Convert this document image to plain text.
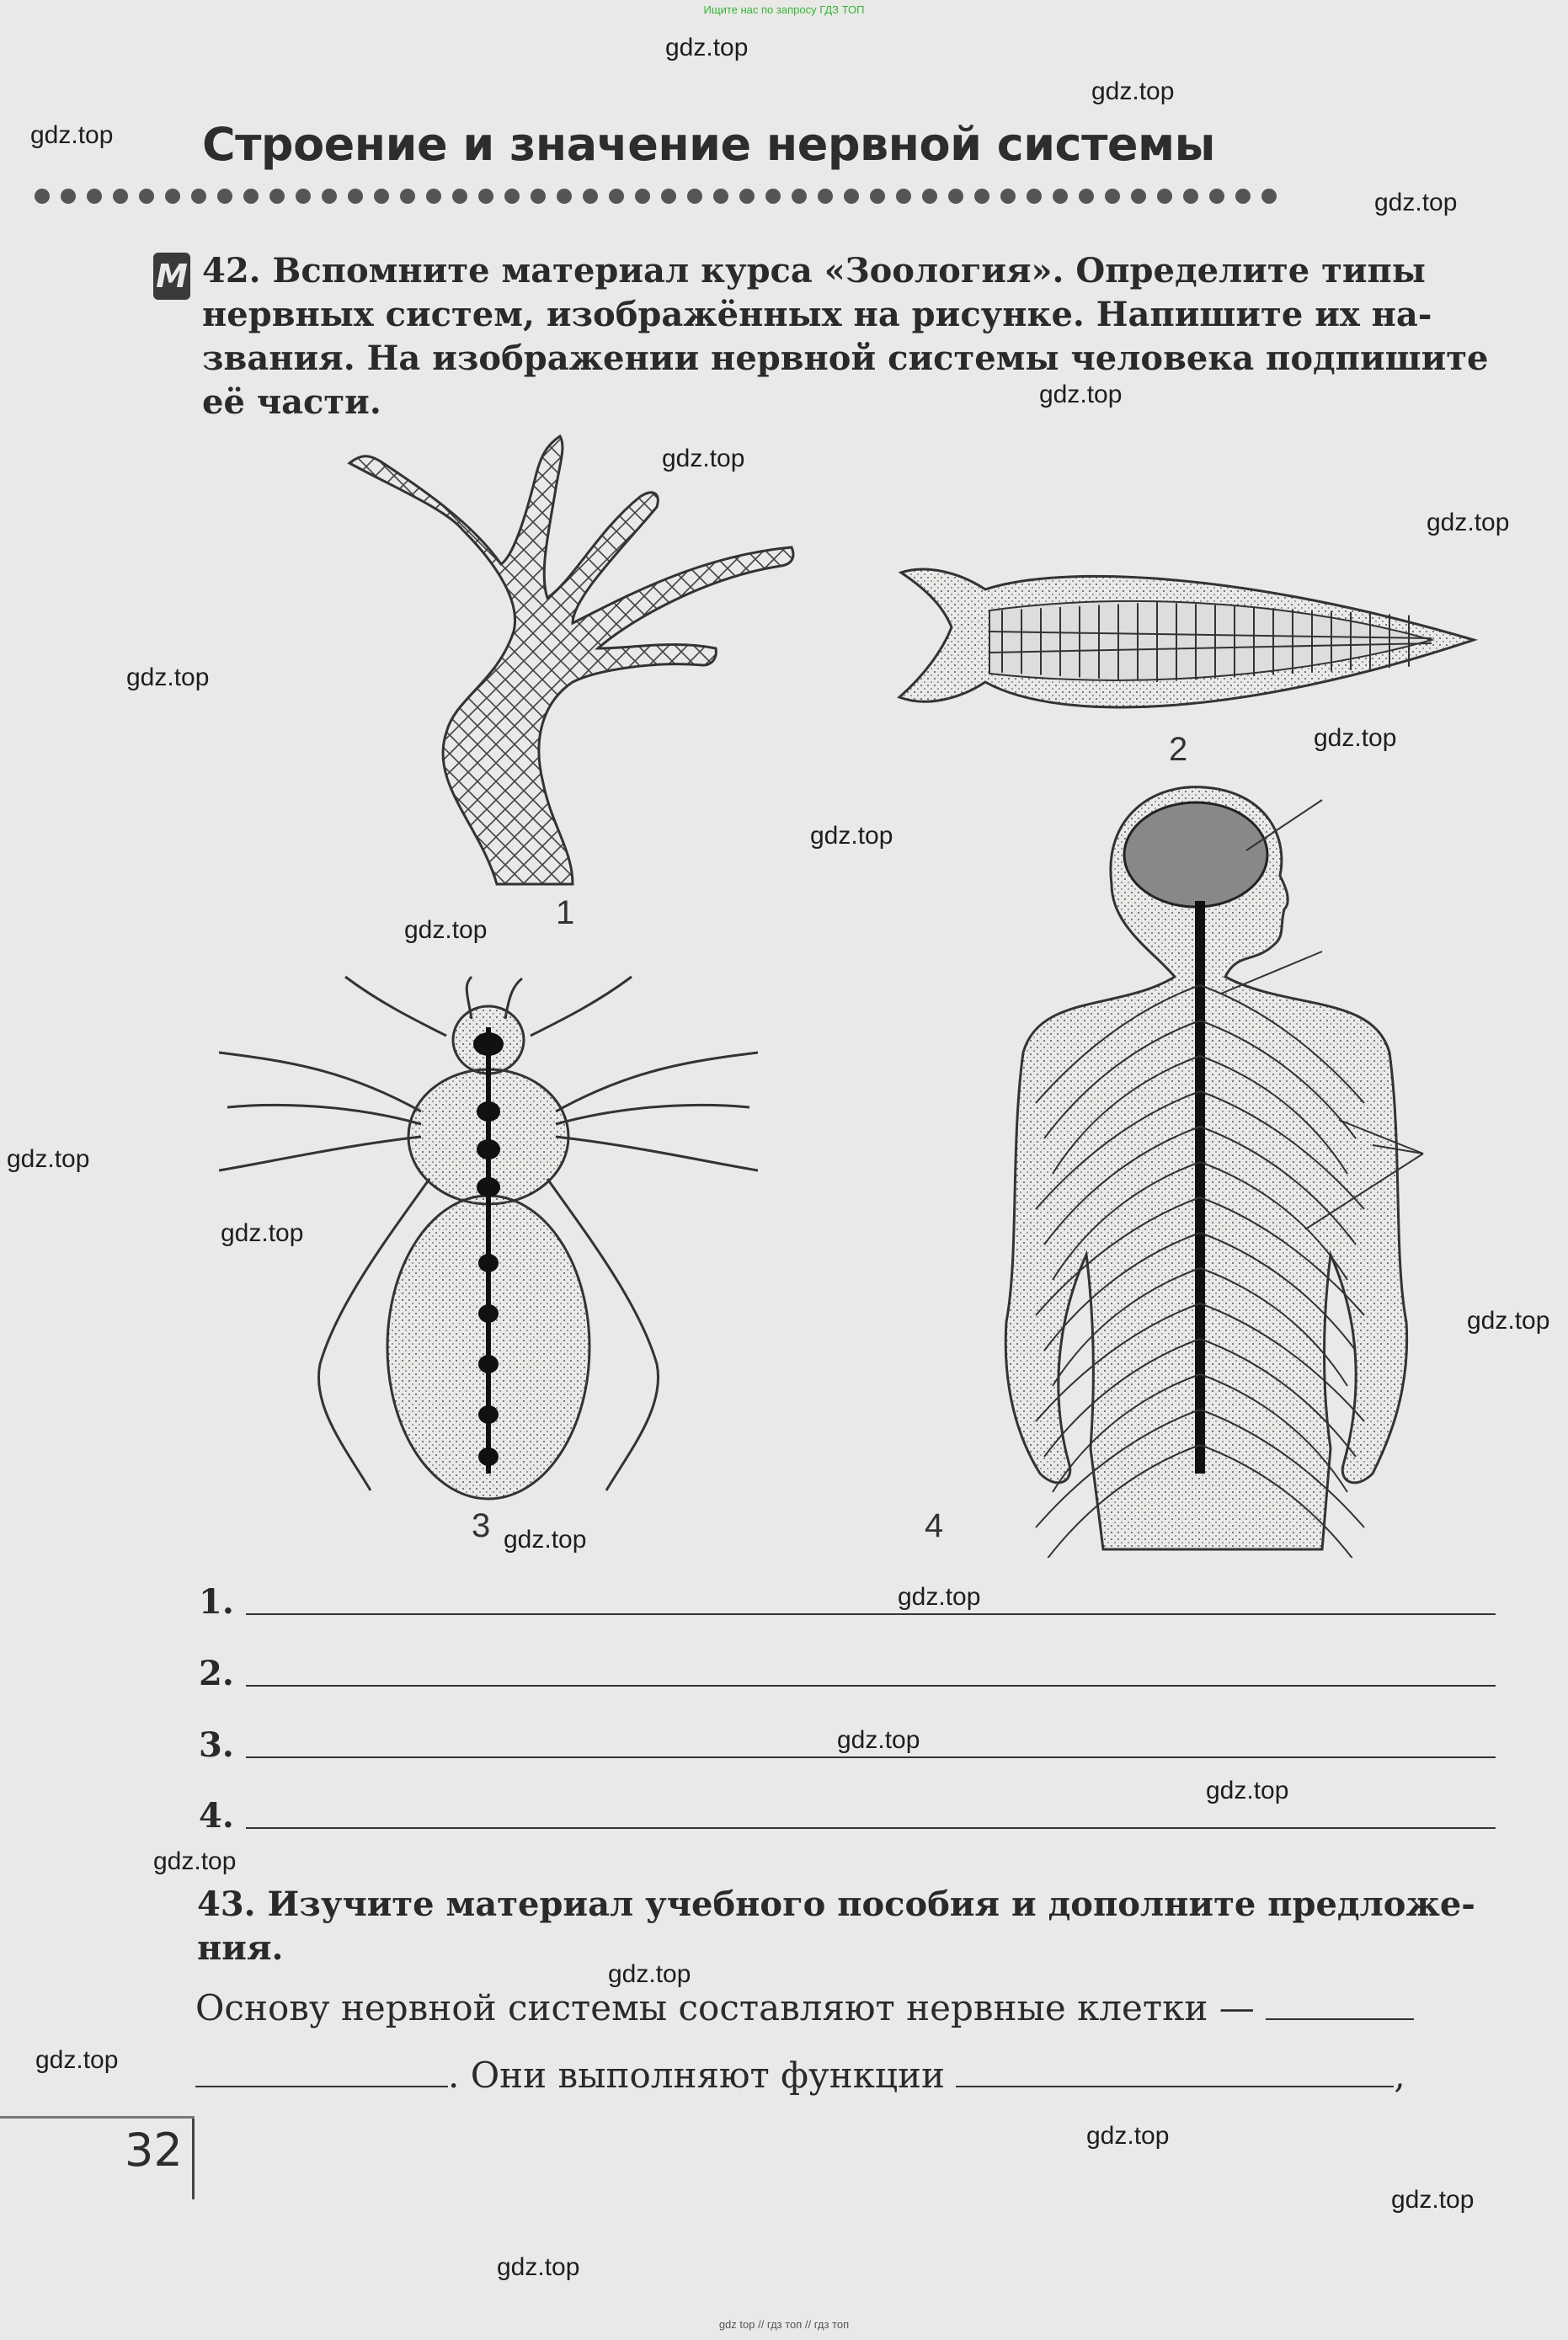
Ищите нас по запросу ГДЗ ТОП
Строение и значение нервной системы
М 42. Вспомните материал курса «Зоология». Определите типы
нервных систем, изображённых на рисунке. Напишите их на-
звания. На изображении нервной системы человека подпишите
её части.
1
2
3	4
1.
2.
3.
4.
43. Изучите материал учебного пособия и дополните предложе-
ния.
Основу нервной системы составляют нервные клетки —
. Они выполняют функции	,
32
gdz.top
gdz.top
gdz.top
gdz.top
gdz.top
gdz.top
gdz.top
gdz.top
gdz.top
gdz.top
gdz.top
gdz.top
gdz.top
gdz.top
gdz.top
gdz.top
gdz.top
gdz.top
gdz.top
gdz.top
gdz.top
gdz.top
gdz.top
gdz.top
gdz top // гдз топ // гдз топ
